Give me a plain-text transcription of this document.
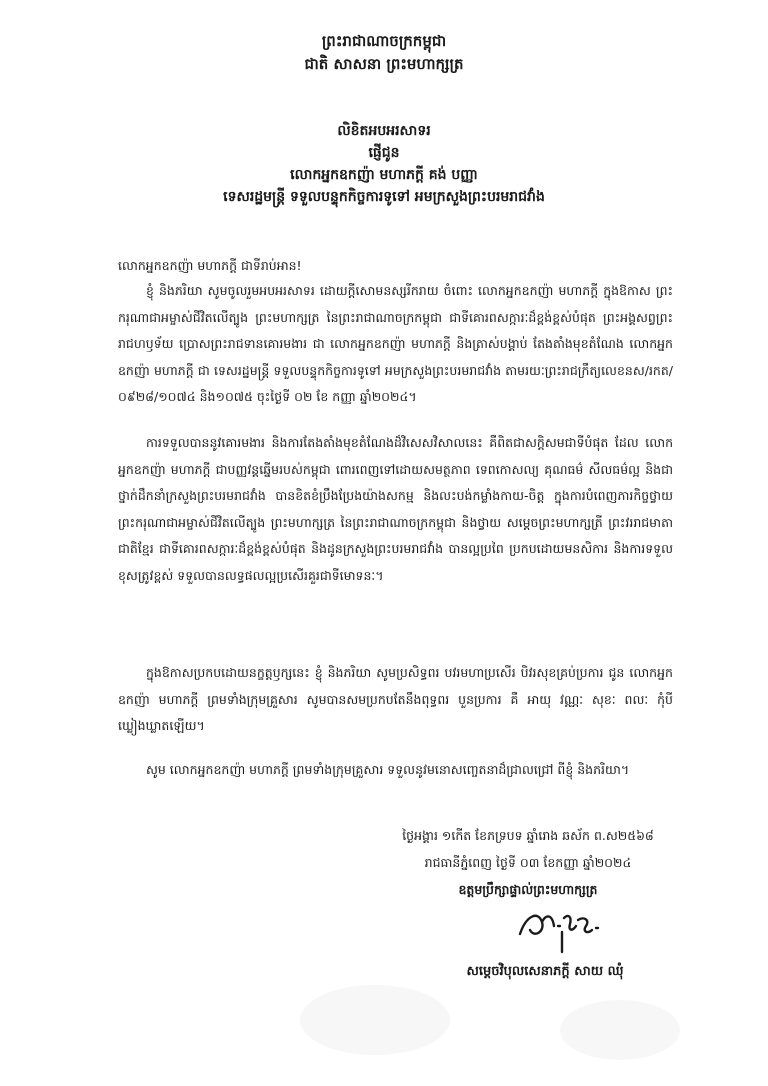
ព្រះរាជាណាចក្រកម្ពុជា
ជាតិ សាសនា ព្រះមហាក្សត្រ
លិខិតអបអរសាទរ
ផ្ញើជូន
លោកអ្នកឧកញ៉ា មហាភក្ដី គង់ បញ្ញា
ទេសរដ្ឋមន្ត្រី ទទួលបន្ទុកកិច្ចការទូទៅ អមក្រសួងព្រះបរមរាជវាំង
លោកអ្នកឧកញ៉ា មហាភក្ដី ជាទីរាប់អាន!

ខ្ញុំ និងភរិយា សូមចូលរួមអបអរសាទរ ដោយក្ដីសោមនស្សរីករាយ ចំពោះ លោកអ្នកឧកញ៉ា មហាភក្ដី ក្នុងឱកាស ព្រះករុណាជាអម្ចាស់ជីវិតលើត្បូង ព្រះមហាក្សត្រ នៃព្រះរាជាណាចក្រកម្ពុជា ជាទីគោរពសក្ការៈដ៏ខ្ពង់ខ្ពស់បំផុត ព្រះអង្គសព្វព្រះរាជហឫទ័យ ប្រោសព្រះរាជទានគោរមងារ ជា លោកអ្នកឧកញ៉ា មហាភក្ដី និងត្រាស់បង្គាប់ តែងតាំងមុខតំណែង លោកអ្នកឧកញ៉ា មហាភក្ដី ជា ទេសរដ្ឋមន្ត្រី ទទួលបន្ទុកកិច្ចការទូទៅ អមក្រសួងព្រះបរមរាជវាំង តាមរយៈព្រះរាជក្រឹត្យលេខនស/រកត/០៩២៨/១០៧៤ និង១០៧៥ ចុះថ្ងៃទី ០២ ខែ កញ្ញា ឆ្នាំ២០២៤។

ការទទួលបាននូវគោរមងារ និងការតែងតាំងមុខតំណែងដ៏វិសេសវិសាលនេះ គឺពិតជាសក្ដិសមជាទីបំផុត ដែល លោកអ្នកឧកញ៉ា មហាភក្ដី ជាបញ្ញវន្តឆ្នើមរបស់កម្ពុជា ពោរពេញទៅដោយសមត្ថភាព ទេពកោសល្យ គុណធម៌ សីលធម៌ល្អ និងជាថ្នាក់ដឹកនាំក្រសួងព្រះបរមរាជវាំង បានខិតខំប្រឹងប្រែងយ៉ាងសកម្ម និងលះបង់កម្លាំងកាយ-ចិត្ត ក្នុងការបំពេញភារកិច្ចថ្វាយ ព្រះករុណាជាអម្ចាស់ជីវិតលើត្បូង ព្រះមហាក្សត្រ នៃព្រះរាជាណាចក្រកម្ពុជា និងថ្វាយ សម្តេចព្រះមហាក្សត្រី ព្រះវររាជមាតាជាតិខ្មែរ ជាទីគោរពសក្ការៈដ៏ខ្ពង់ខ្ពស់បំផុត និងដូនក្រសួងព្រះបរមរាជវាំង បានល្អប្រពៃ ប្រកបដោយមនសិការ និងការទទួលខុសត្រូវខ្ពស់ ទទួលបានលទ្ធផលល្អប្រសើរគួរជាទីមោទនៈ។

ក្នុងឱកាសប្រកបដោយនក្ខត្តឫក្សនេះ ខ្ញុំ និងភរិយា សូមប្រសិទ្ធពរ បវរមហាប្រសើរ បិវរសុខគ្រប់ប្រការ ជូន លោកអ្នកឧកញ៉ា មហាភក្ដី ព្រមទាំងក្រុមគ្រួសារ សូមបានសមប្រកបតែនឹងពុទ្ធពរ បួនប្រការ គឺ អាយុ វណ្ណៈ សុខៈ ពលៈ កុំបីឃ្លៀងឃ្លាតឡើយ។

សូម លោកអ្នកឧកញ៉ា មហាភក្ដី ព្រមទាំងក្រុមគ្រួសារ ទទួលនូវមនោសញ្ចេតនាដ៏ជ្រាលជ្រៅ ពីខ្ញុំ និងភរិយា។

ថ្ងៃអង្គារ ១កើត ខែភទ្របទ ឆ្នាំរោង ឆស័ក ព.ស២៥៦៨
រាជធានីភ្នំពេញ ថ្ងៃទី ០៣ ខែកញ្ញា ឆ្នាំ២០២៤
ឧត្តមប្រឹក្សាផ្ទាល់ព្រះមហាក្សត្រ
សម្តេចវិបុលសេនាភក្ដី សាយ ឈុំ
